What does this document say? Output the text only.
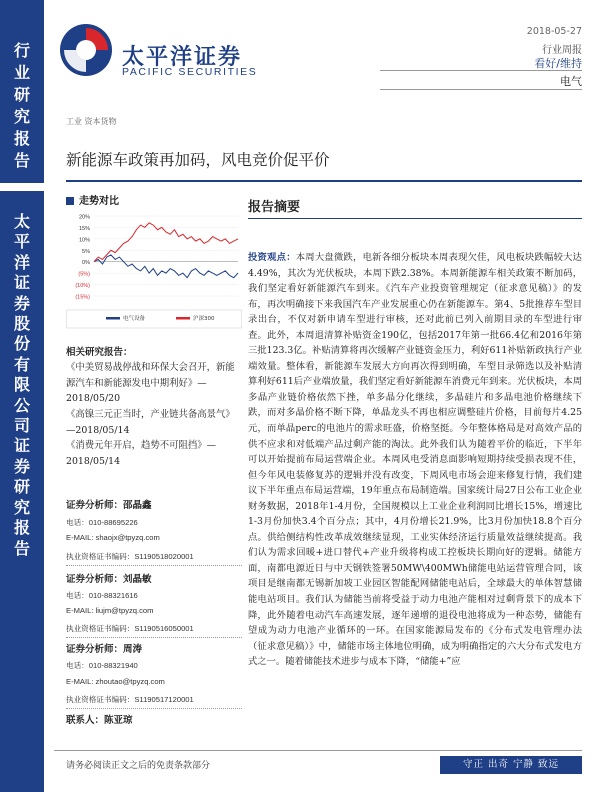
行
业
研
究
报
告
太
平
洋
证
券
股
份
有
限
公
司
证
券
研
究
报
告
太平洋证券
PACIFIC SECURITIES
2018-05-27
行业周报
看好/维持
电气
工业 资本货物
新能源车政策再加码，风电竞价促平价
走势对比
20%
15%
10%
5%
0%
(5%)
(10%)
(15%)
电气设备	沪深300
相关研究报告：
《中美贸易战停战和环保大会召开，新能源汽车和新能源发电中期利好》—2018/05/20
《高镍三元正当时，产业链共备高景气》—2018/05/14
《消费元年开启，趋势不可阻挡》—2018/05/14
证券分析师：邵晶鑫
电话：010-88695226
E-MAIL: shaojx@tpyzq.com
执业资格证书编码：S1190518020001
证券分析师：刘晶敏
电话：010-88321616
E-MAIL: liujm@tpyzq.com
执业资格证书编码：S1190516050001
证券分析师：周涛
电话：010-88321940
E-MAIL: zhoutao@tpyzq.com
执业资格证书编码：S1190517120001
联系人：陈亚琼
报告摘要
投资观点：本周大盘微跌，电新各细分板块本周表现欠佳，风电板块跌幅较大达4.49%，其次为光伏板块，本周下跌2.38%。本周新能源车相关政策不断加码，我们坚定看好新能源汽车到来。《汽车产业投资管理规定（征求意见稿）》的发布，再次明确接下来我国汽车产业发展重心仍在新能源车。第4、5批推荐车型目录出台，不仅对新申请车型进行审核，还对此前已列入前期目录的车型进行审查。此外，本周退清算补贴资金190亿，包括2017年第一批66.4亿和2016年第三批123.3亿。补贴清算将再次缓解产业链资金压力，利好611补贴新政执行产业端效量。整体看，新能源车发展大方向再次得到明确，车型目录筛选以及补贴清算利好611后产业端放量，我们坚定看好新能源车消费元年到来。光伏板块，本周多晶产业链价格依然下挫，单多晶分化继续，多晶硅片和多晶电池价格继续下跌，而对多晶价格不断下降，单晶龙头不再也相应调整硅片价格，目前每片4.25元，而单晶perc的电池片的需求旺盛，价格坚挺。今年整体格局是对高效产品的供不应求和对低端产品过剩产能的淘汰。此外我们认为随着平价的临近，下半年可以开始提前布局运营端企业。本周风电受消息面影响短期持续受损表现不佳，但今年风电装修复苏的逻辑并没有改变，下周风电市场会迎来修复行情，我们建议下半年重点布局运营端，19年重点布局制造端。国家统计局27日公布工业企业财务数据，2018年1-4月份，全国规模以上工业企业利润同比增长15%，增速比1-3月份加快3.4个百分点；其中，4月份增长21.9%，比3月份加快18.8个百分点。供给侧结构性改革成效继续显现，工业实体经济运行质量效益继续提高。我们认为需求回暖+进口替代+产业升级将构成工控板块长期向好的逻辑。储能方面，南都电源近日与中天钢铁签署50MW\400MWh储能电站运营管理合同，该项目是继南都无锡新加坡工业园区智能配网储能电站后，全球最大的单体智慧储能电站项目。我们认为储能当前将受益于动力电池产能相对过剩背景下的成本下降，此外随着电动汽车高速发展，逐年递增的退役电池将成为一种态势，储能有望成为动力电池产业循环的一环。在国家能源局发布的《分布式发电管理办法（征求意见稿）》中，储能市场主体地位明确，成为明确指定的六大分布式发电方式之一。随着储能技术进步与成本下降，“储能+”应
请务必阅读正文之后的免责条款部分	守正 出奇 宁静 致远
